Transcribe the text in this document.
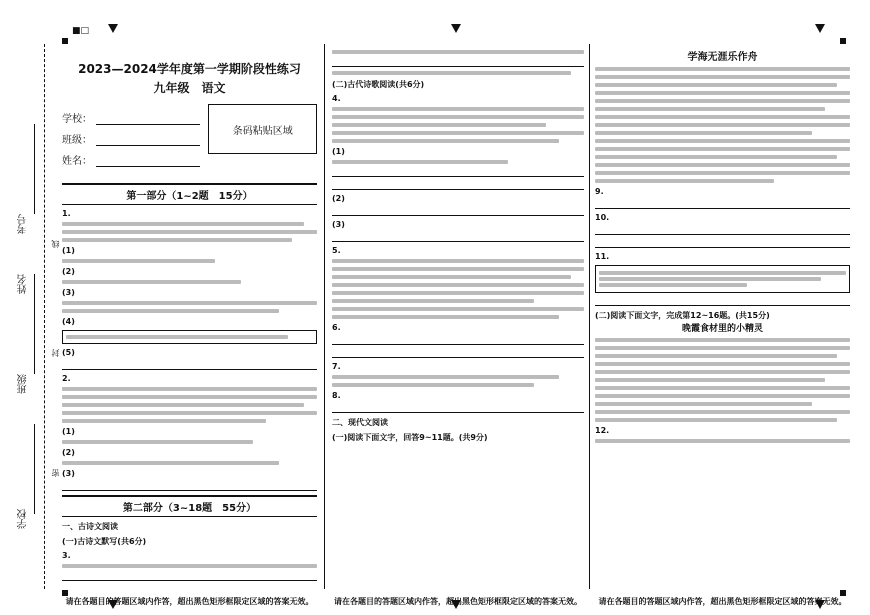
■□
考号
姓名
班级
学校
线
封
密
2023—2024学年度第一学期阶段性练习
九年级　语文
学校：
班级：
姓名：
条码粘贴区域
第一部分（1~2题　15分）
1.
(1)
(2)
(3)
(4)
(5)
2.
(1)
(2)
(3)
第二部分（3~18题　55分）
一、古诗文阅读
(一)古诗文默写(共6分)
3.
(二)古代诗歌阅读(共6分)
4.
(1)
(2)
(3)
5.
6.
7.
8.
二、现代文阅读
(一)阅读下面文字，回答9~11题。(共9分)
学海无涯乐作舟
9.
10.
11.
(二)阅读下面文字，完成第12~16题。(共15分)
晚霞食材里的小精灵
12.
请在各题目的答题区域内作答，超出黑色矩形框限定区域的答案无效。	请在各题目的答题区域内作答，超出黑色矩形框限定区域的答案无效。	请在各题目的答题区域内作答，超出黑色矩形框限定区域的答案无效。
